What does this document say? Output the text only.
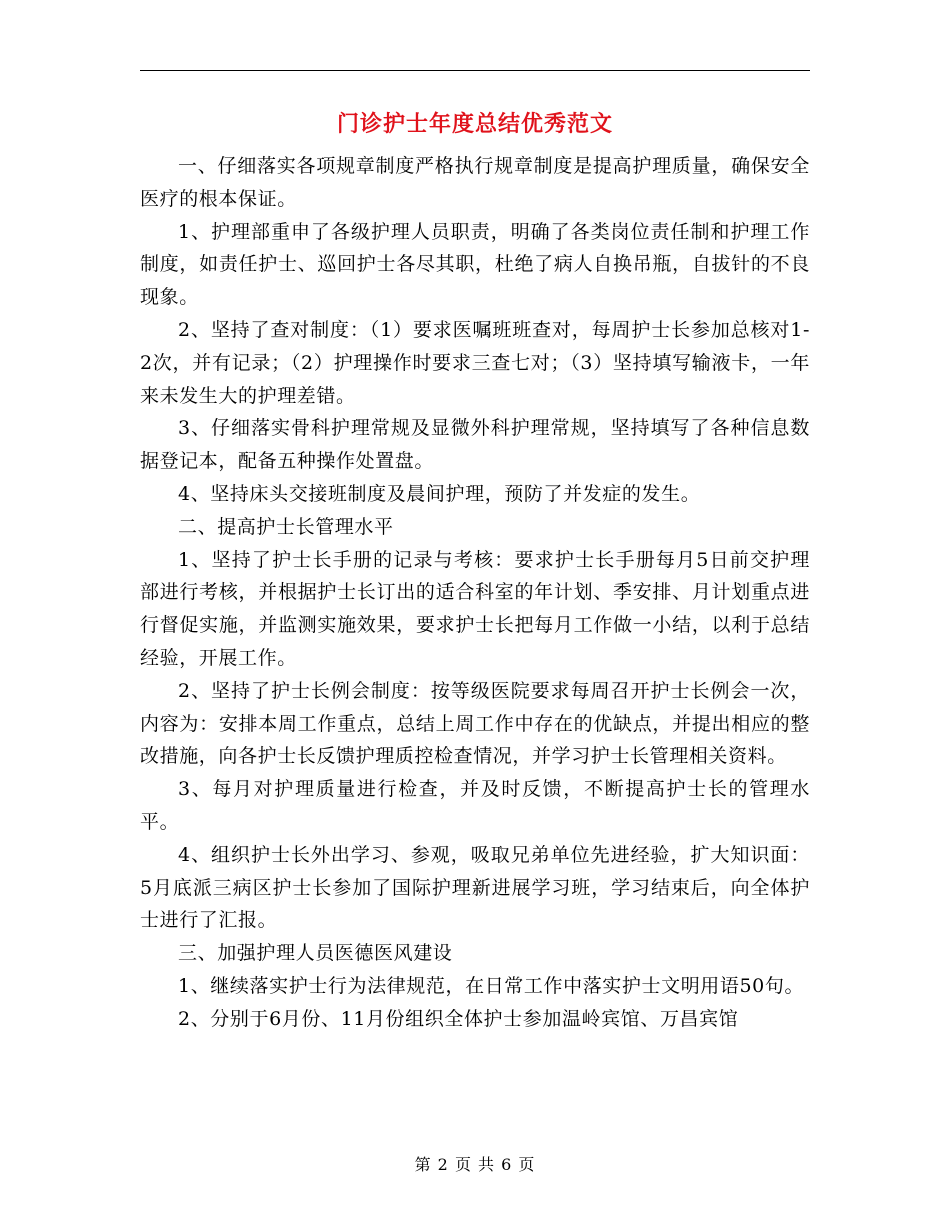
门诊护士年度总结优秀范文

一、仔细落实各项规章制度严格执行规章制度是提高护理质量，确保安全医疗的根本保证。

1、护理部重申了各级护理人员职责，明确了各类岗位责任制和护理工作制度，如责任护士、巡回护士各尽其职，杜绝了病人自换吊瓶，自拔针的不良现象。

2、坚持了查对制度：（1）要求医嘱班班查对，每周护士长参加总核对1-2次，并有记录；（2）护理操作时要求三查七对；（3）坚持填写输液卡，一年来未发生大的护理差错。

3、仔细落实骨科护理常规及显微外科护理常规，坚持填写了各种信息数据登记本，配备五种操作处置盘。

4、坚持床头交接班制度及晨间护理，预防了并发症的发生。

二、提高护士长管理水平

1、坚持了护士长手册的记录与考核：要求护士长手册每月5日前交护理部进行考核，并根据护士长订出的适合科室的年计划、季安排、月计划重点进行督促实施，并监测实施效果，要求护士长把每月工作做一小结，以利于总结经验，开展工作。

2、坚持了护士长例会制度：按等级医院要求每周召开护士长例会一次，内容为：安排本周工作重点，总结上周工作中存在的优缺点，并提出相应的整改措施，向各护士长反馈护理质控检查情况，并学习护士长管理相关资料。

3、每月对护理质量进行检查，并及时反馈，不断提高护士长的管理水平。

4、组织护士长外出学习、参观，吸取兄弟单位先进经验，扩大知识面：5月底派三病区护士长参加了国际护理新进展学习班，学习结束后，向全体护士进行了汇报。

三、加强护理人员医德医风建设

1、继续落实护士行为法律规范，在日常工作中落实护士文明用语50句。

2、分别于6月份、11月份组织全体护士参加温岭宾馆、万昌宾馆

第 2 页 共 6 页
